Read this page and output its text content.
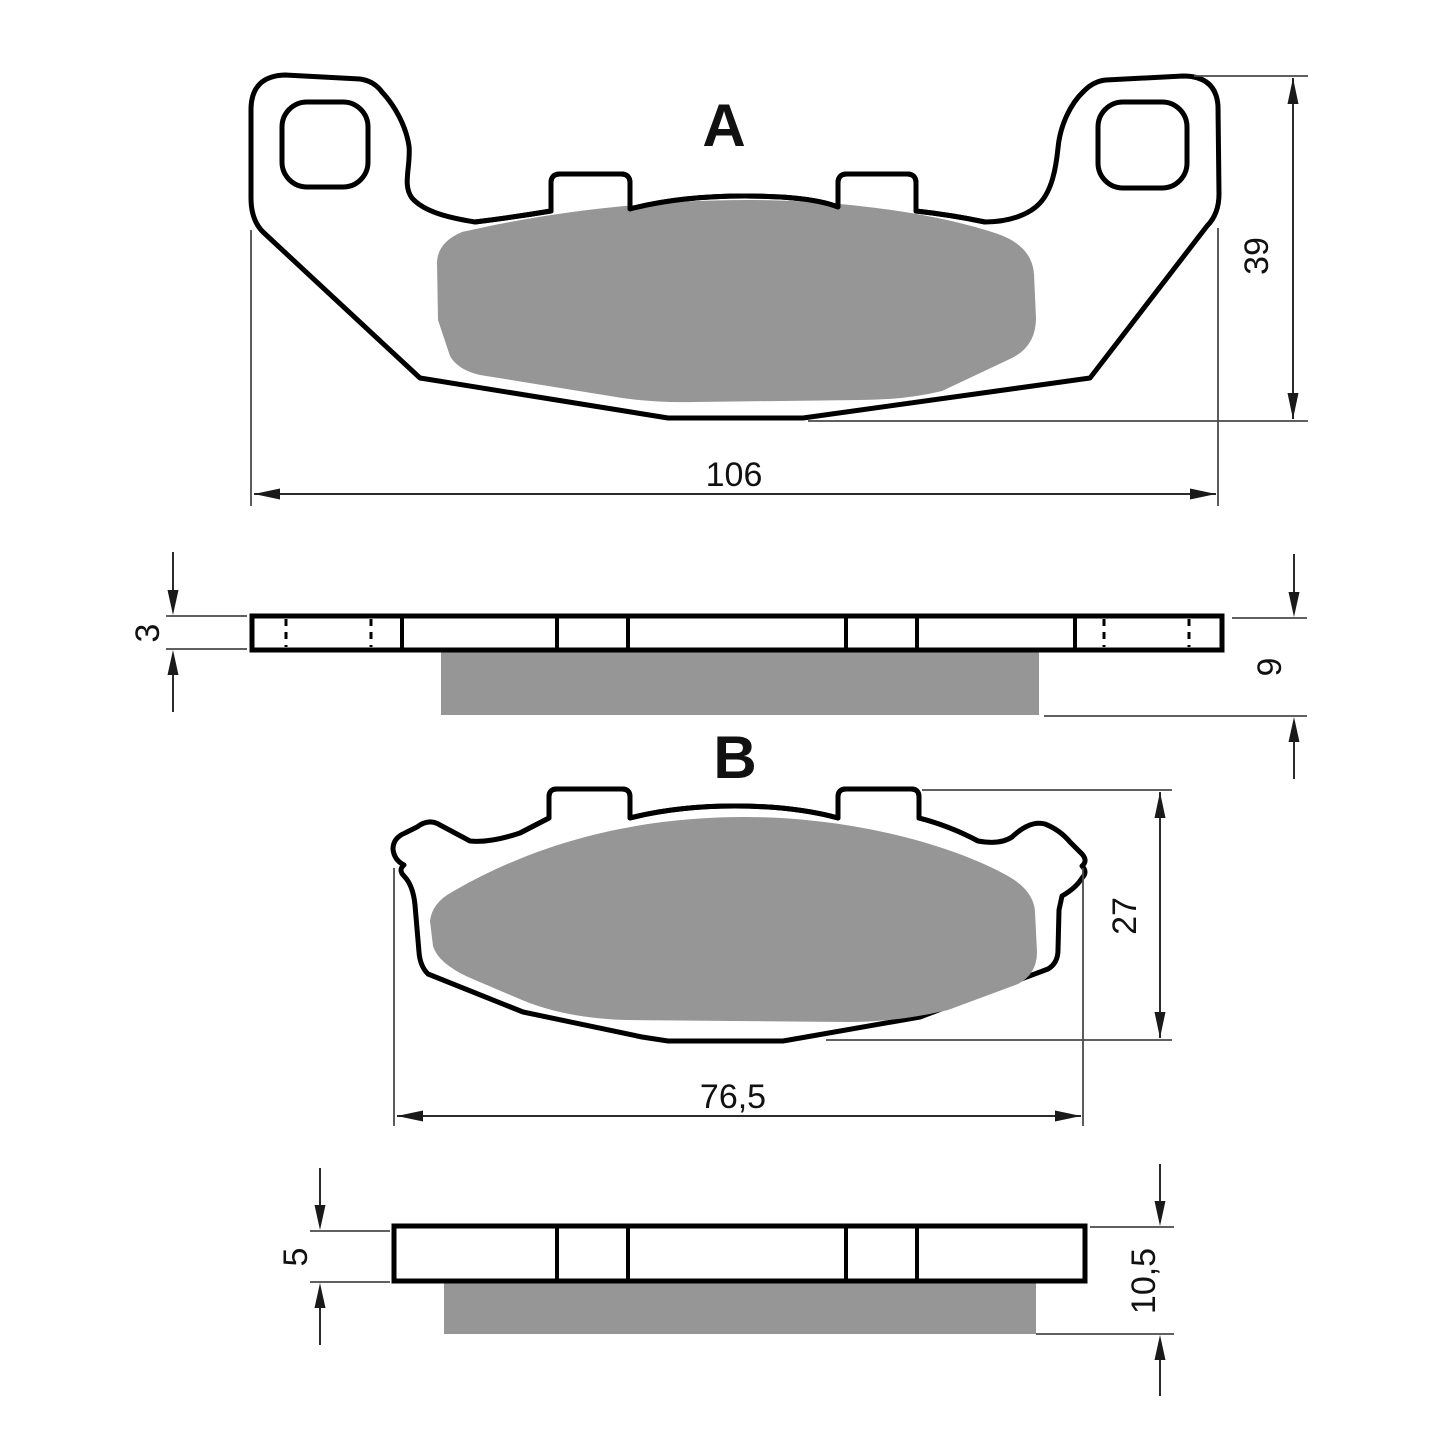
A
106
39
3
9
B
27
76,5
5	10,5
